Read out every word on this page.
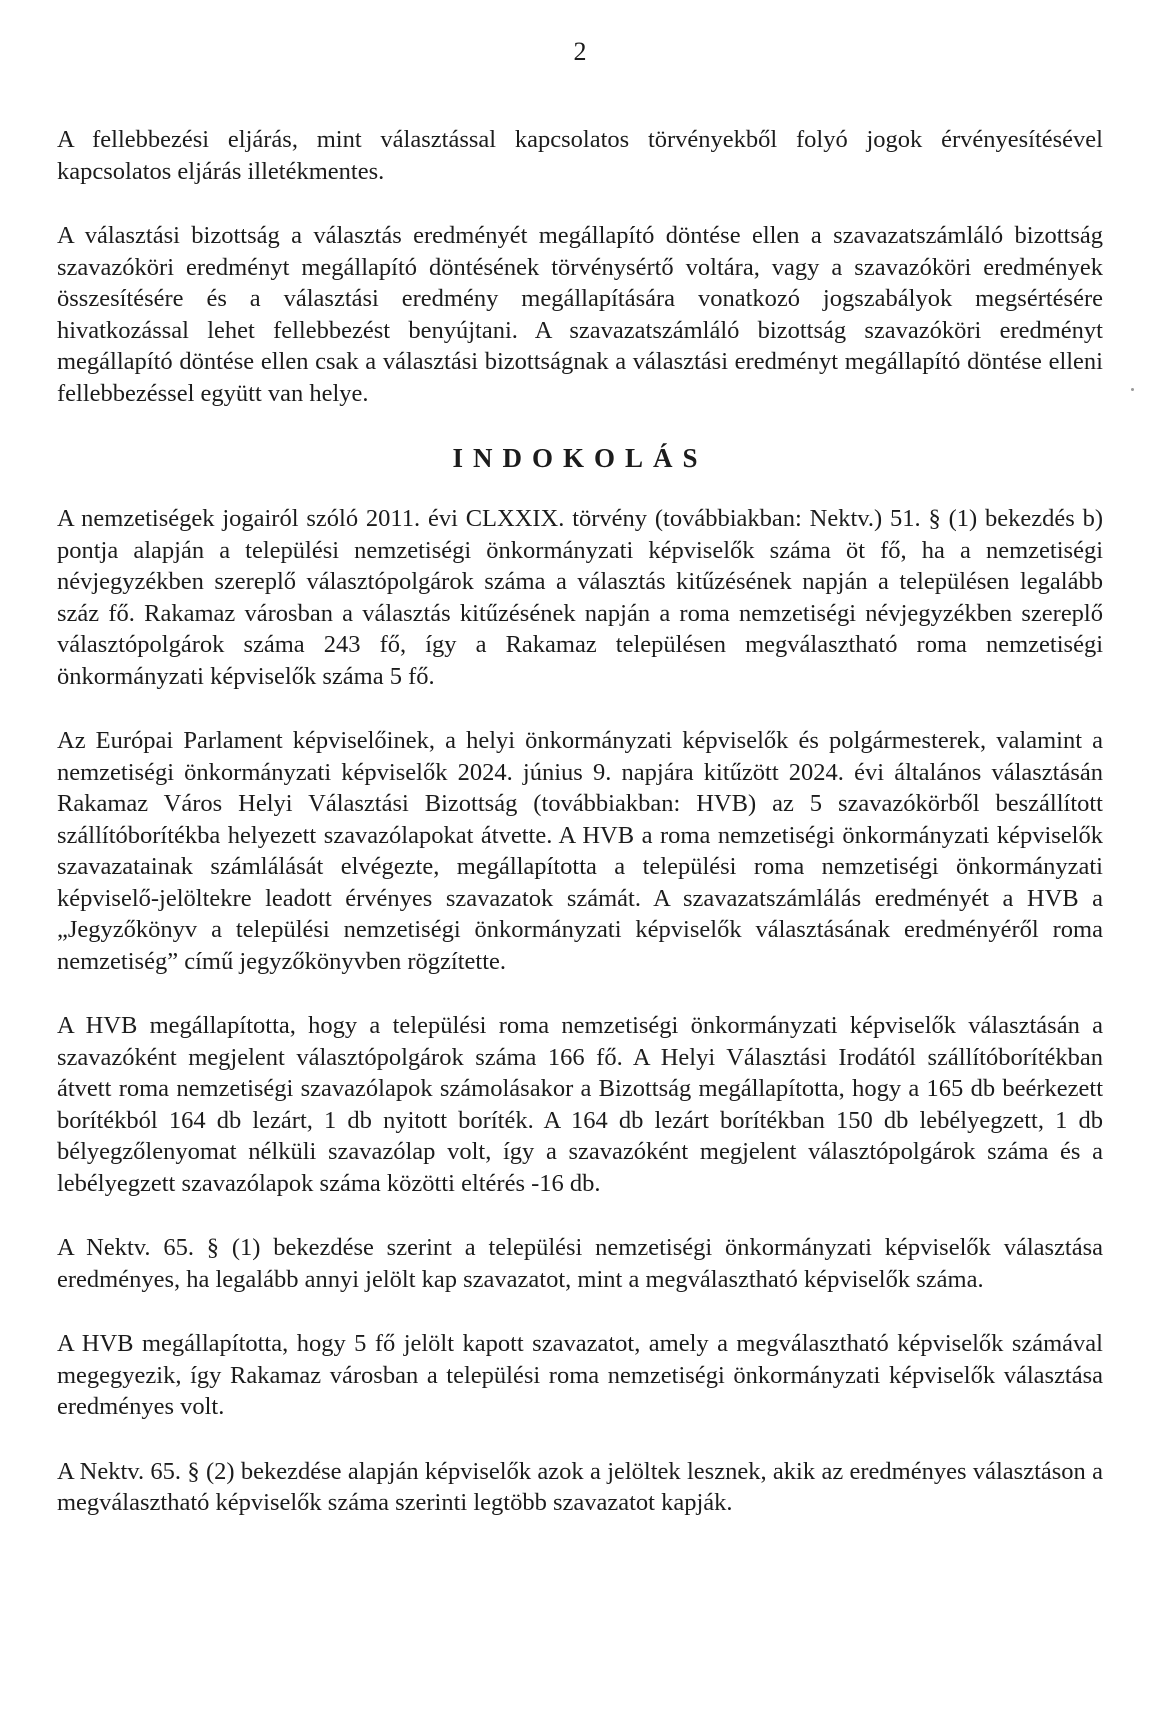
2

A fellebbezési eljárás, mint választással kapcsolatos törvényekből folyó jogok érvényesítésével kapcsolatos eljárás illetékmentes.

A választási bizottság a választás eredményét megállapító döntése ellen a szavazatszámláló bizottság szavazóköri eredményt megállapító döntésének törvénysértő voltára, vagy a szavazóköri eredmények összesítésére és a választási eredmény megállapítására vonatkozó jogszabályok megsértésére hivatkozással lehet fellebbezést benyújtani. A szavazatszámláló bizottság szavazóköri eredményt megállapító döntése ellen csak a választási bizottságnak a választási eredményt megállapító döntése elleni fellebbezéssel együtt van helye.

INDOKOLÁS

A nemzetiségek jogairól szóló 2011. évi CLXXIX. törvény (továbbiakban: Nektv.) 51. § (1) bekezdés b) pontja alapján a települési nemzetiségi önkormányzati képviselők száma öt fő, ha a nemzetiségi névjegyzékben szereplő választópolgárok száma a választás kitűzésének napján a településen legalább száz fő. Rakamaz városban a választás kitűzésének napján a roma nemzetiségi névjegyzékben szereplő választópolgárok száma 243 fő, így a Rakamaz településen megválasztható roma nemzetiségi önkormányzati képviselők száma 5 fő.

Az Európai Parlament képviselőinek, a helyi önkormányzati képviselők és polgármesterek, valamint a nemzetiségi önkormányzati képviselők 2024. június 9. napjára kitűzött 2024. évi általános választásán Rakamaz Város Helyi Választási Bizottság (továbbiakban: HVB) az 5 szavazókörből beszállított szállítóborítékba helyezett szavazólapokat átvette. A HVB a roma nemzetiségi önkormányzati képviselők szavazatainak számlálását elvégezte, megállapította a települési roma nemzetiségi önkormányzati képviselő-jelöltekre leadott érvényes szavazatok számát. A szavazatszámlálás eredményét a HVB a „Jegyzőkönyv a települési nemzetiségi önkormányzati képviselők választásának eredményéről roma nemzetiség” című jegyzőkönyvben rögzítette.

A HVB megállapította, hogy a települési roma nemzetiségi önkormányzati képviselők választásán a szavazóként megjelent választópolgárok száma 166 fő. A Helyi Választási Irodától szállítóborítékban átvett roma nemzetiségi szavazólapok számolásakor a Bizottság megállapította, hogy a 165 db beérkezett borítékból 164 db lezárt, 1 db nyitott boríték. A 164 db lezárt borítékban 150 db lebélyegzett, 1 db bélyegzőlenyomat nélküli szavazólap volt, így a szavazóként megjelent választópolgárok száma és a lebélyegzett szavazólapok száma közötti eltérés -16 db.

A Nektv. 65. § (1) bekezdése szerint a települési nemzetiségi önkormányzati képviselők választása eredményes, ha legalább annyi jelölt kap szavazatot, mint a megválasztható képviselők száma.

A HVB megállapította, hogy 5 fő jelölt kapott szavazatot, amely a megválasztható képviselők számával megegyezik, így Rakamaz városban a települési roma nemzetiségi önkormányzati képviselők választása eredményes volt.

A Nektv. 65. § (2) bekezdése alapján képviselők azok a jelöltek lesznek, akik az eredményes választáson a megválasztható képviselők száma szerinti legtöbb szavazatot kapják.
